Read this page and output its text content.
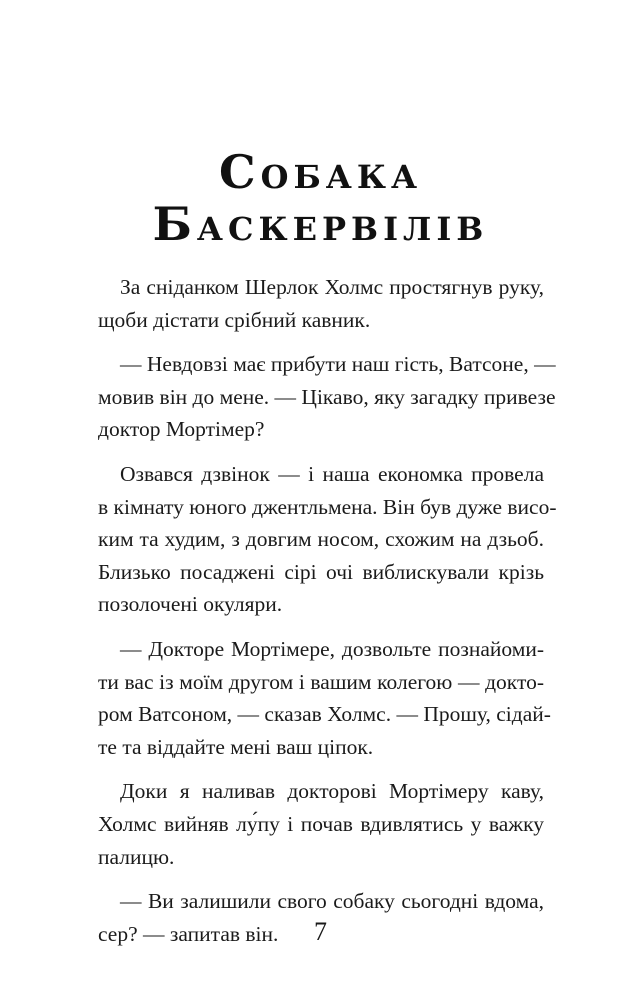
Собака
Баскервілів
За сніданком Шерлок Холмс простягнув руку,
щоби дістати срібний кавник.
— Невдовзі має прибути наш гість, Ватсоне, —
мовив він до мене. — Цікаво, яку загадку привезе
доктор Мортімер?
Озвався дзвінок — і наша економка провела
в кімнату юного джентльмена. Він був дуже висо-
ким та худим, з довгим носом, схожим на дзьоб.
Близько посаджені сірі очі виблискували крізь
позолочені окуляри.
— Докторе Мортімере, дозвольте познайоми-
ти вас із моїм другом і вашим колегою — докто-
ром Ватсоном, — сказав Холмс. — Прошу, сідай-
те та віддайте мені ваш ціпок.
Доки я наливав докторові Мортімеру каву,
Холмс вийняв лу́пу і почав вдивлятись у важку
палицю.
— Ви залишили свого собаку сьогодні вдома,
сер? — запитав він.	7
